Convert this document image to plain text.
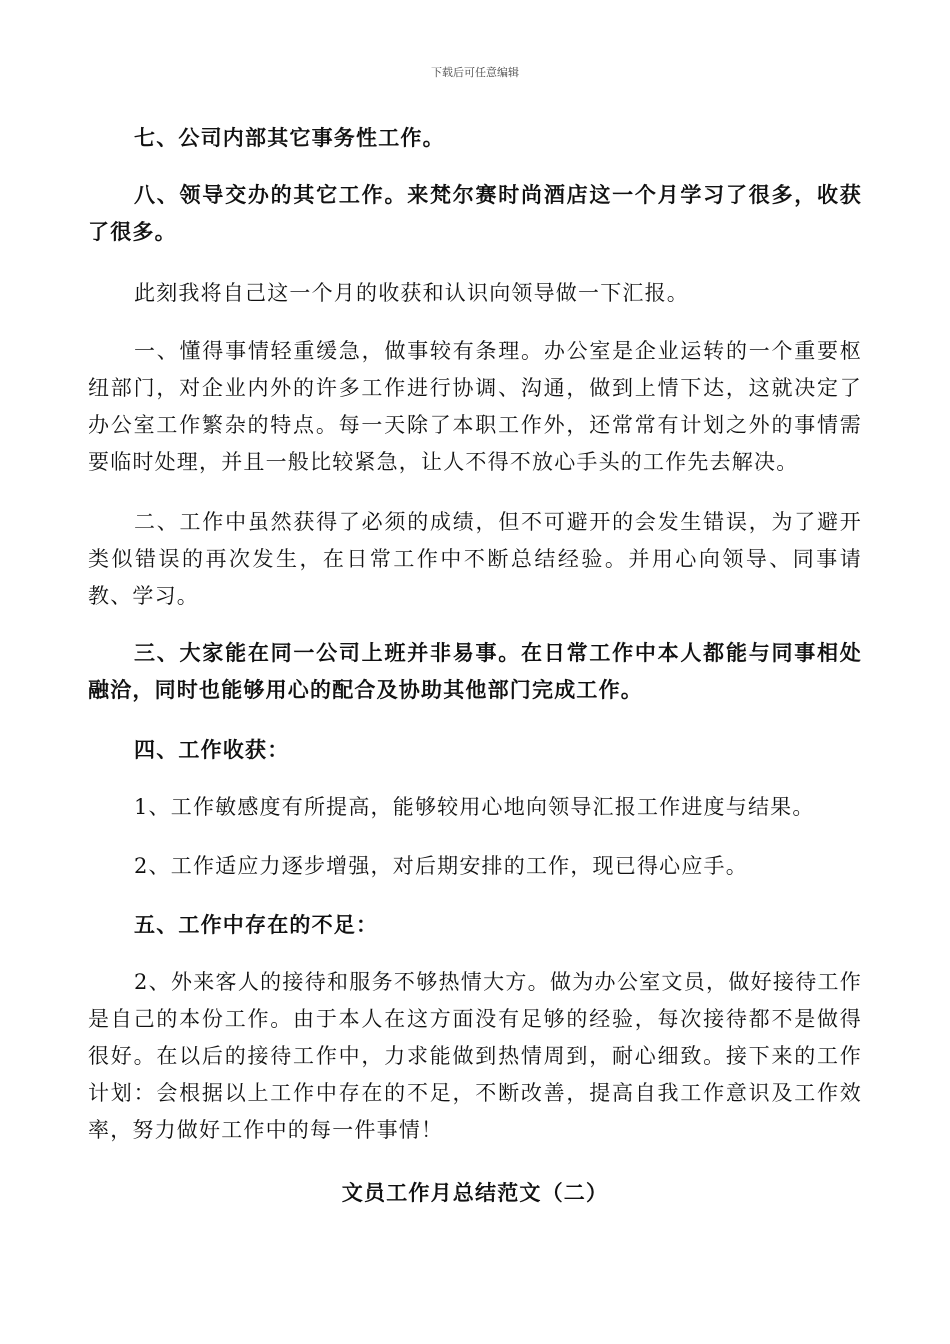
下载后可任意编辑

七、公司内部其它事务性工作。

八、领导交办的其它工作。来梵尔赛时尚酒店这一个月学习了很多，收获了很多。

此刻我将自己这一个月的收获和认识向领导做一下汇报。

一、懂得事情轻重缓急，做事较有条理。办公室是企业运转的一个重要枢纽部门，对企业内外的许多工作进行协调、沟通，做到上情下达，这就决定了办公室工作繁杂的特点。每一天除了本职工作外，还常常有计划之外的事情需要临时处理，并且一般比较紧急，让人不得不放心手头的工作先去解决。

二、工作中虽然获得了必须的成绩，但不可避开的会发生错误，为了避开类似错误的再次发生，在日常工作中不断总结经验。并用心向领导、同事请教、学习。

三、大家能在同一公司上班并非易事。在日常工作中本人都能与同事相处融洽，同时也能够用心的配合及协助其他部门完成工作。

四、工作收获：

1、工作敏感度有所提高，能够较用心地向领导汇报工作进度与结果。

2、工作适应力逐步增强，对后期安排的工作，现已得心应手。

五、工作中存在的不足：

2、外来客人的接待和服务不够热情大方。做为办公室文员，做好接待工作是自己的本份工作。由于本人在这方面没有足够的经验，每次接待都不是做得很好。在以后的接待工作中，力求能做到热情周到，耐心细致。接下来的工作计划：会根据以上工作中存在的不足，不断改善，提高自我工作意识及工作效率，努力做好工作中的每一件事情！

文员工作月总结范文（二）
